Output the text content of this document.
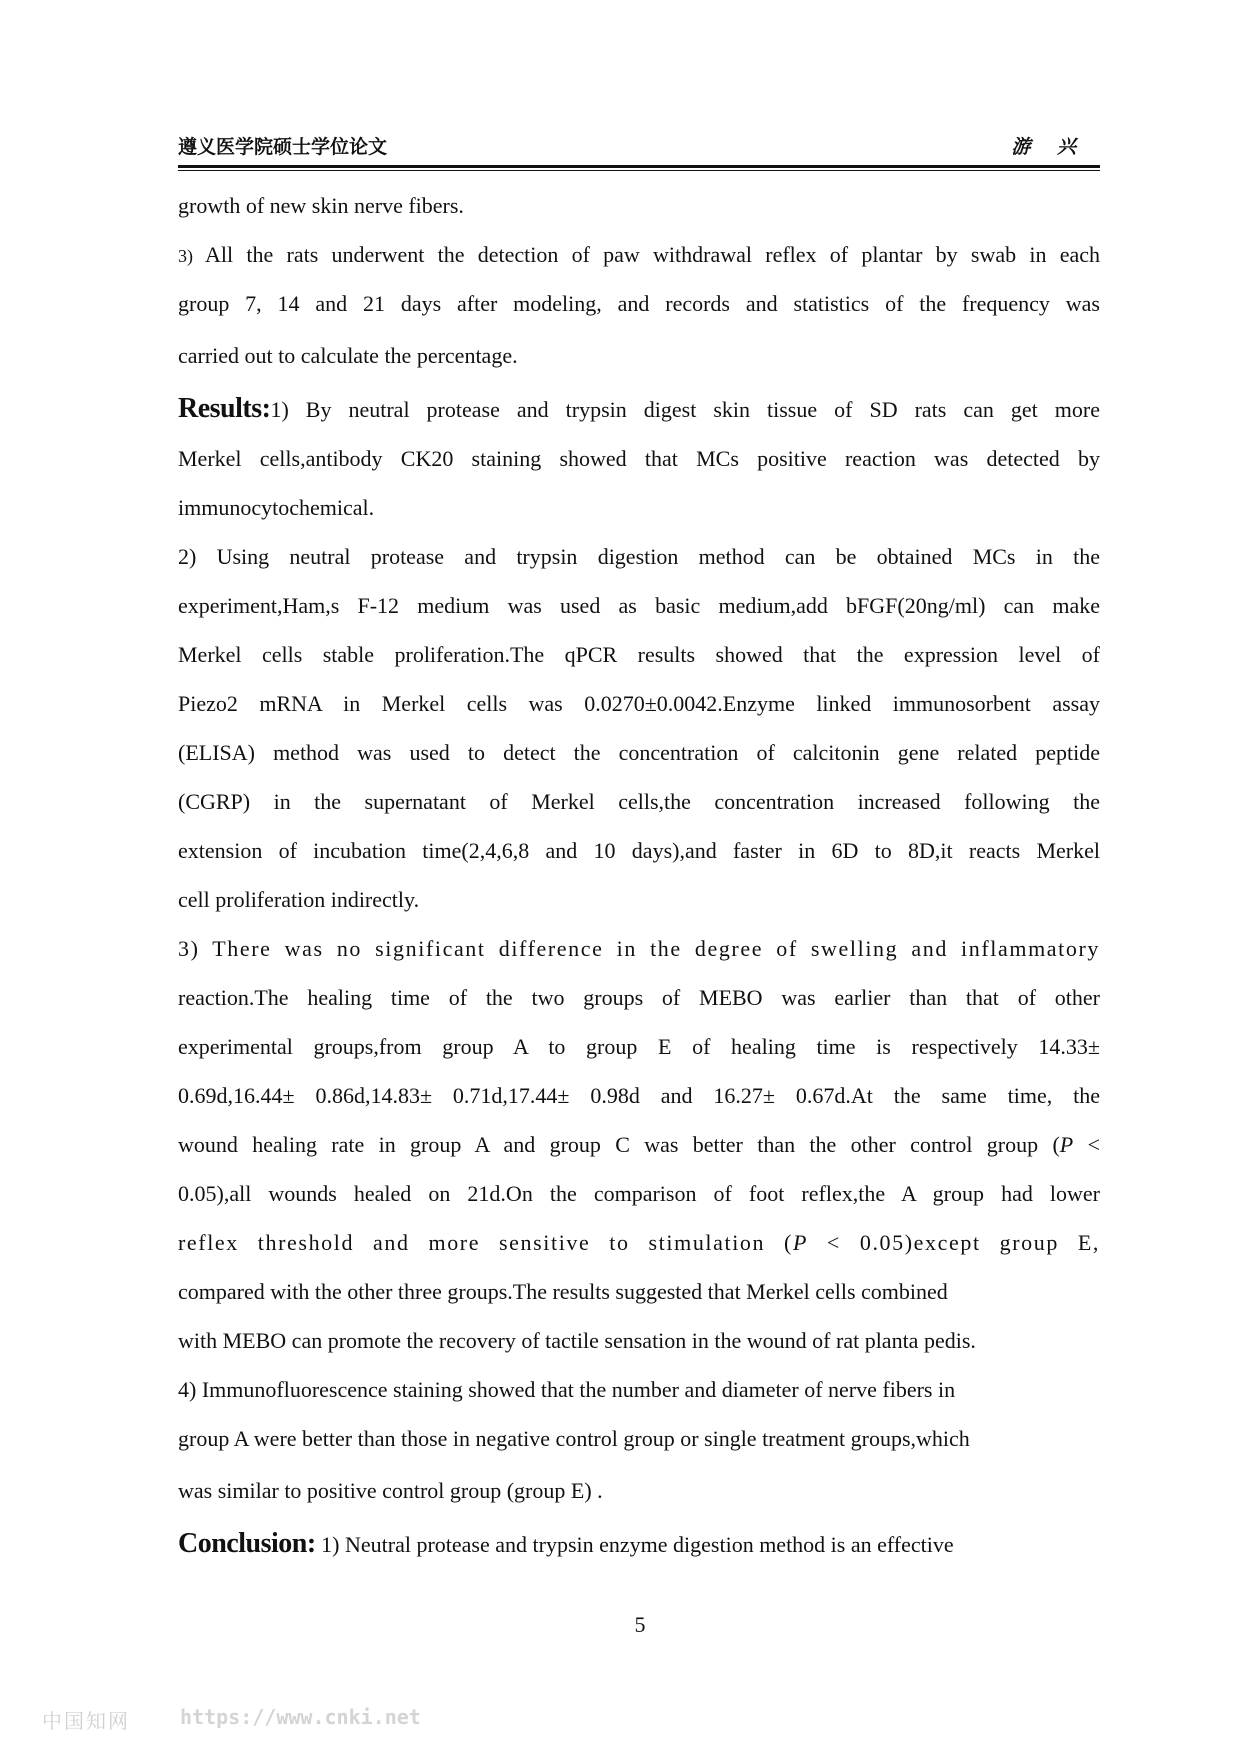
遵义医学院硕士学位论文	游 兴
growth of new skin nerve fibers.
3) All the rats underwent the detection of paw withdrawal reflex of plantar by swab in each
group 7, 14 and 21 days after modeling, and records and statistics of the frequency was
carried out to calculate the percentage.
Results:1) By neutral protease and trypsin digest skin tissue of SD rats can get more
Merkel cells,antibody CK20 staining showed that MCs positive reaction was detected by
immunocytochemical.
2) Using neutral protease and trypsin digestion method can be obtained MCs in the
experiment,Ham,s F-12 medium was used as basic medium,add bFGF(20ng/ml) can make
Merkel cells stable proliferation.The qPCR results showed that the expression level of
Piezo2 mRNA in Merkel cells was 0.0270±0.0042.Enzyme linked immunosorbent assay
(ELISA) method was used to detect the concentration of calcitonin gene related peptide
(CGRP) in the supernatant of Merkel cells,the concentration increased following the
extension of incubation time(2,4,6,8 and 10 days),and faster in 6D to 8D,it reacts Merkel
cell proliferation indirectly.
3) There was no significant difference in the degree of swelling and inflammatory
reaction.The healing time of the two groups of MEBO was earlier than that of other
experimental groups,from group A to group E of healing time is respectively 14.33±
0.69d,16.44± 0.86d,14.83± 0.71d,17.44± 0.98d and 16.27± 0.67d.At the same time, the
wound healing rate in group A and group C was better than the other control group (P <
0.05),all wounds healed on 21d.On the comparison of foot reflex,the A group had lower
reflex threshold and more sensitive to stimulation (P < 0.05)except group E,
compared with the other three groups.The results suggested that Merkel cells combined
with MEBO can promote the recovery of tactile sensation in the wound of rat planta pedis.
4) Immunofluorescence staining showed that the number and diameter of nerve fibers in
group A were better than those in negative control group or single treatment groups,which
was similar to positive control group (group E) .
Conclusion: 1) Neutral protease and trypsin enzyme digestion method is an effective
5
中国知网	https://www.cnki.net
